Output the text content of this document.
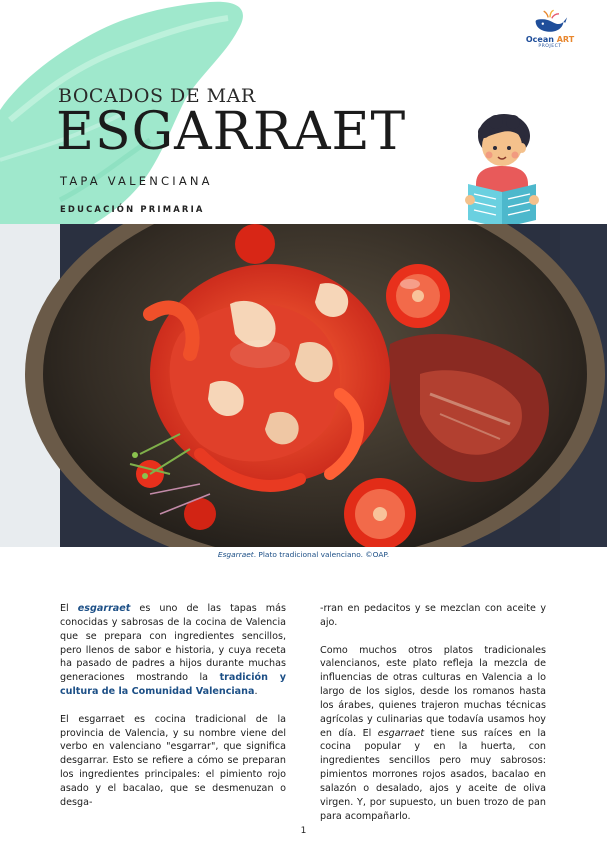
Ocean ART
PROJECT
BOCADOS DE MAR
ESGARRAET
TAPA VALENCIANA
EDUCACIÓN PRIMARIA
Esgarraet. Plato tradicional valenciano. ©OAP.

El esgarraet es uno de las tapas más conocidas y sabrosas de la cocina de Valencia que se prepara con ingredientes sencillos, pero llenos de sabor e historia, y cuya receta ha pasado de padres a hijos durante muchas generaciones mostrando la tradición y cultura de la Comunidad Valenciana.

El esgarraet es cocina tradicional de la provincia de Valencia, y su nombre viene del verbo en valenciano "esgarrar", que significa desgarrar. Esto se refiere a cómo se preparan los ingredientes principales: el pimiento rojo asado y el bacalao, que se desmenuzan o desga-

-rran en pedacitos y se mezclan con aceite y ajo.

Como muchos otros platos tradicionales valencianos, este plato refleja la mezcla de influencias de otras culturas en Valencia a lo largo de los siglos, desde los romanos hasta los árabes, quienes trajeron muchas técnicas agrícolas y culinarias que todavía usamos hoy en día. El esgarraet tiene sus raíces en la cocina popular y en la huerta, con ingredientes sencillos pero muy sabrosos: pimientos morrones rojos asados, bacalao en salazón o desalado, ajos y aceite de oliva virgen. Y, por supuesto, un buen trozo de pan para acompañarlo.

1
